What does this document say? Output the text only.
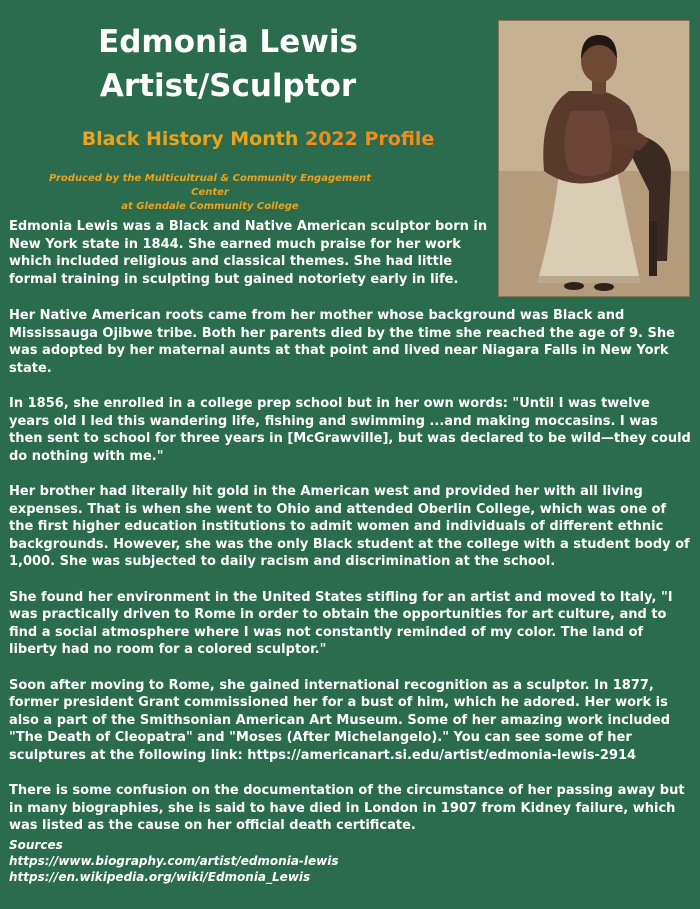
Edmonia Lewis
Artist/Sculptor
Black History Month 2022 Profile
Produced by the Multicultrual & Community Engagement Center
at Glendale Community College
Edmonia Lewis was a Black and Native American sculptor born in New York state in 1844. She earned much praise for her work which included religious and classical themes. She had little formal training in sculpting but gained notoriety early in life.

Her Native American roots came from her mother whose background was Black and Mississauga Ojibwe tribe. Both her parents died by the time she reached the age of 9. She was adopted by her maternal aunts at that point and lived near Niagara Falls in New York state.

In 1856, she enrolled in a college prep school but in her own words: "Until I was twelve years old I led this wandering life, fishing and swimming ...and making moccasins. I was then sent to school for three years in [McGrawville], but was declared to be wild—they could do nothing with me."

Her brother had literally hit gold in the American west and provided her with all living expenses. That is when she went to Ohio and attended Oberlin College, which was one of the first higher education institutions to admit women and individuals of different ethnic backgrounds. However, she was the only Black student at the college with a student body of 1,000. She was subjected to daily racism and discrimination at the school.

She found her environment in the United States stifling for an artist and moved to Italy, "I was practically driven to Rome in order to obtain the opportunities for art culture, and to find a social atmosphere where I was not constantly reminded of my color. The land of liberty had no room for a colored sculptor."

Soon after moving to Rome, she gained international recognition as a sculptor. In 1877, former president Grant commissioned her for a bust of him, which he adored. Her work is also a part of the Smithsonian American Art Museum. Some of her amazing work included "The Death of Cleopatra" and "Moses (After Michelangelo)." You can see some of her sculptures at the following link: https://americanart.si.edu/artist/edmonia-lewis-2914

There is some confusion on the documentation of the circumstance of her passing away but in many biographies, she is said to have died in London in 1907 from Kidney failure, which was listed as the cause on her official death certificate.

Sources
https://www.biography.com/artist/edmonia-lewis
https://en.wikipedia.org/wiki/Edmonia_Lewis
